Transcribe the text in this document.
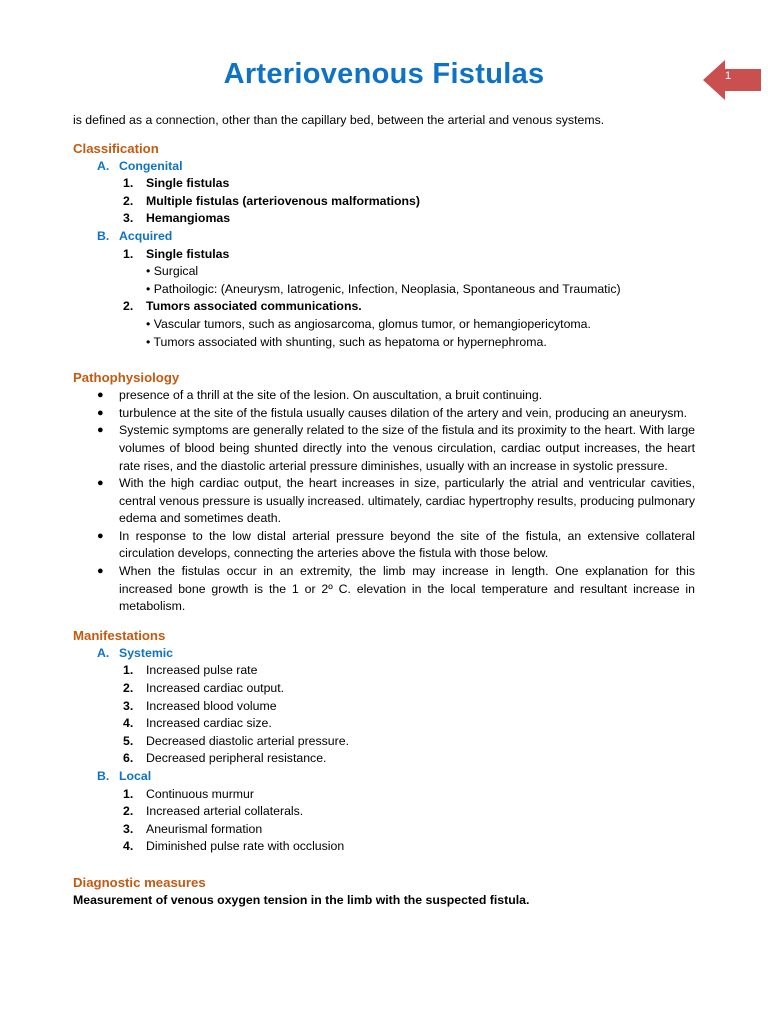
1
Arteriovenous Fistulas

is defined as a connection, other than the capillary bed, between the arterial and venous systems.

Classification
A. Congenital
1.	Single fistulas
2.	Multiple fistulas (arteriovenous malformations)
3.	Hemangiomas
B. Acquired
1.	Single fistulas
• Surgical
• Pathoilogic: (Aneurysm, Iatrogenic, Infection, Neoplasia, Spontaneous and Traumatic)
2.	Tumors associated communications.
• Vascular tumors, such as angiosarcoma, glomus tumor, or hemangiopericytoma.
• Tumors associated with shunting, such as hepatoma or hypernephroma.
Pathophysiology
●	presence of a thrill at the site of the lesion. On auscultation, a bruit continuing.
●	turbulence at the site of the fistula usually causes dilation of the artery and vein, producing an aneurysm.
●	Systemic symptoms are generally related to the size of the fistula and its proximity to the heart. With large volumes of blood being shunted directly into the venous circulation, cardiac output increases, the heart rate rises, and the diastolic arterial pressure diminishes, usually with an increase in systolic pressure.
●	With the high cardiac output, the heart increases in size, particularly the atrial and ventricular cavities, central venous pressure is usually increased. ultimately, cardiac hypertrophy results, producing pulmonary edema and sometimes death.
●	In response to the low distal arterial pressure beyond the site of the fistula, an extensive collateral circulation develops, connecting the arteries above the fistula with those below.
●	When the fistulas occur in an extremity, the limb may increase in length. One explanation for this increased bone growth is the 1 or 2º C. elevation in the local temperature and resultant increase in metabolism.
Manifestations
A. Systemic
1.	Increased pulse rate
2.	Increased cardiac output.
3.	Increased blood volume
4.	Increased cardiac size.
5.	Decreased diastolic arterial pressure.
6.	Decreased peripheral resistance.
B. Local
1.	Continuous murmur
2.	Increased arterial collaterals.
3.	Aneurismal formation
4.	Diminished pulse rate with occlusion
Diagnostic measures

Measurement of venous oxygen tension in the limb with the suspected fistula.
